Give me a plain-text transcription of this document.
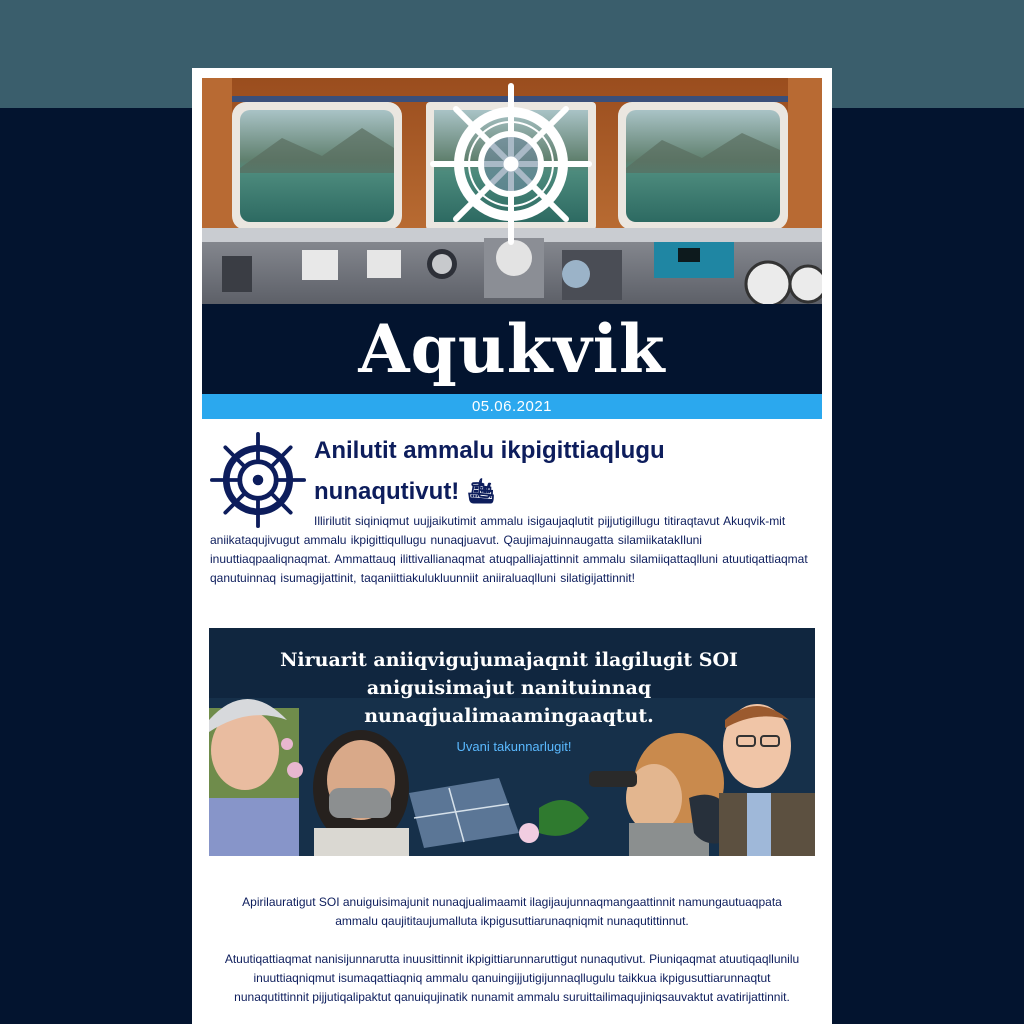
Aqukvik
05.06.2021
Anilutit ammalu ikpigittiaqlugu nunaqutivut! 🛳

Illirilutit siqiniqmut uujjaikutimit ammalu isigaujaqlutit pijjutigillugu titiraqtavut Akuqvik-mit aniikataqujivugut ammalu ikpigittiqullugu nunaqjuavut. Qaujimajuinnaugatta silamiikatakIluni inuuttiaqpaaliqnaqmat. Ammattauq ilittivallianaqmat atuqpalliajattinnit ammalu silamiiqattaqlluni atuutiqattiaqmat qanutuinnaq isumagijattinit, taqaniittiakulukluunniit aniiraluaqlluni silatigijattinnit!

Niruarit aniiqvigujumajaqnit ilagilugit SOI aniguisimajut nanituinnaq nunaqjualimaamingaaqtut.
Uvani takunnarlugit!

Apirilauratigut SOI anuiguisimajunit nunaqjualimaamit ilagijaujunnaqmangaattinnit namungautuaqpata ammalu qaujititaujumalluta ikpigusuttiarunaqniqmit nunaqutittinnut.

Atuutiqattiaqmat nanisijunnarutta inuusittinnit ikpigittiarunnaruttigut nunaqutivut. Piuniqaqmat atuutiqaqllunilu inuuttiaqniqmut isumaqattiaqniq ammalu qanuingijjutigijunnaqllugulu taikkua ikpigusuttiarunnaqtut nunaqutittinnit pijjutiqalipaktut qanuiqujinatik nunamit ammalu suruittailimaqujiniqsauvaktut avatirijattinnit.
